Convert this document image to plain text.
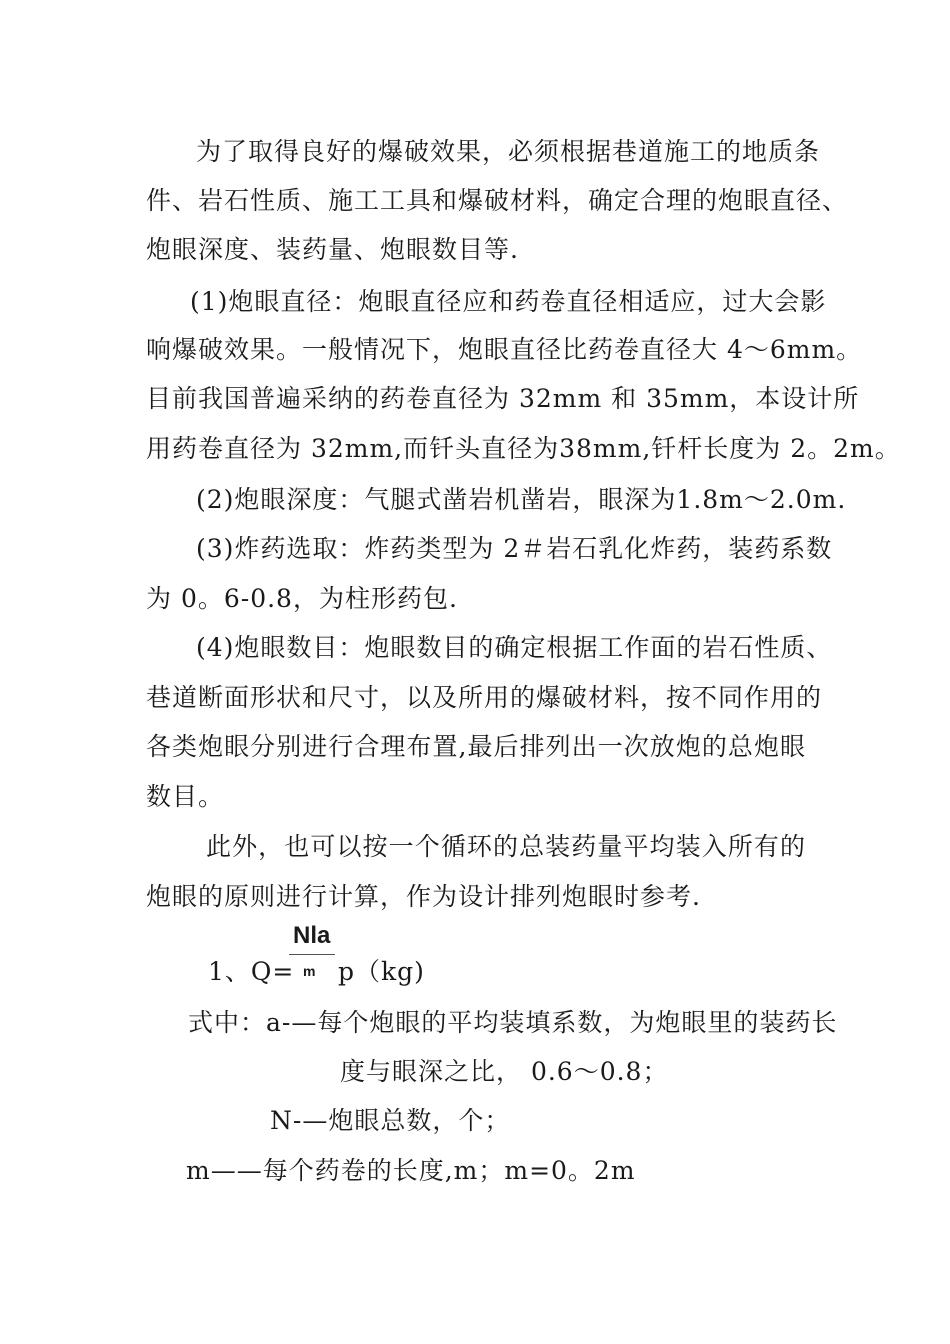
为了取得良好的爆破效果，必须根据巷道施工的地质条
件、岩石性质、施工工具和爆破材料，确定合理的炮眼直径、
炮眼深度、装药量、炮眼数目等.
(1)炮眼直径：炮眼直径应和药卷直径相适应，过大会影
响爆破效果。一般情况下，炮眼直径比药卷直径大 4～6mm。
目前我国普遍采纳的药卷直径为 32mm 和 35mm，本设计所
用药卷直径为 32mm,而钎头直径为38mm,钎杆长度为 2。2m。
(2)炮眼深度：气腿式凿岩机凿岩，眼深为1.8m～2.0m.
(3)炸药选取：炸药类型为 2＃岩石乳化炸药，装药系数
为 0。6-0.8，为柱形药包.
(4)炮眼数目：炮眼数目的确定根据工作面的岩石性质、
巷道断面形状和尺寸，以及所用的爆破材料，按不同作用的
各类炮眼分别进行合理布置,最后排列出一次放炮的总炮眼
数目。
此外，也可以按一个循环的总装药量平均装入所有的
炮眼的原则进行计算，作为设计排列炮眼时参考.
Nla
m
1、Q= p（kg)
式中：a-—每个炮眼的平均装填系数，为炮眼里的装药长
度与眼深之比， 0.6～0.8；
N-—炮眼总数，个；
m——每个药卷的长度,m；m=0。2m
